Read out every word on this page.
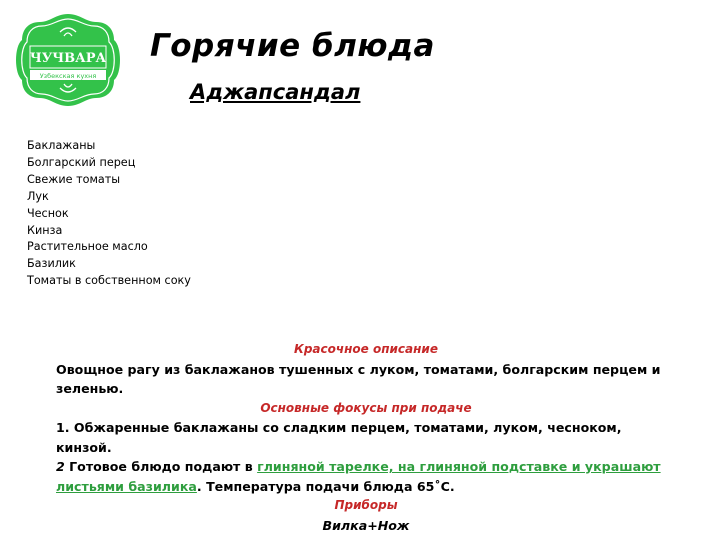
ЧУЧВАРА
Узбекская кухня
Горячие блюда
Аджапсандал
Баклажаны
Болгарский перец
Свежие томаты
Лук
Чеснок
Кинза
Растительное масло
Базилик
Томаты в собственном соку
Красочное описание
Овощное рагу из баклажанов тушенных с луком, томатами, болгарским перцем и зеленью.
Основные фокусы при подаче
1. Обжаренные баклажаны со сладким перцем, томатами, луком, чесноком, кинзой.
2 Готовое блюдо подают в глиняной тарелке, на глиняной подставке и украшают листьями базилика. Температура подачи блюда 65˚С.
Приборы
Вилка+Нож
